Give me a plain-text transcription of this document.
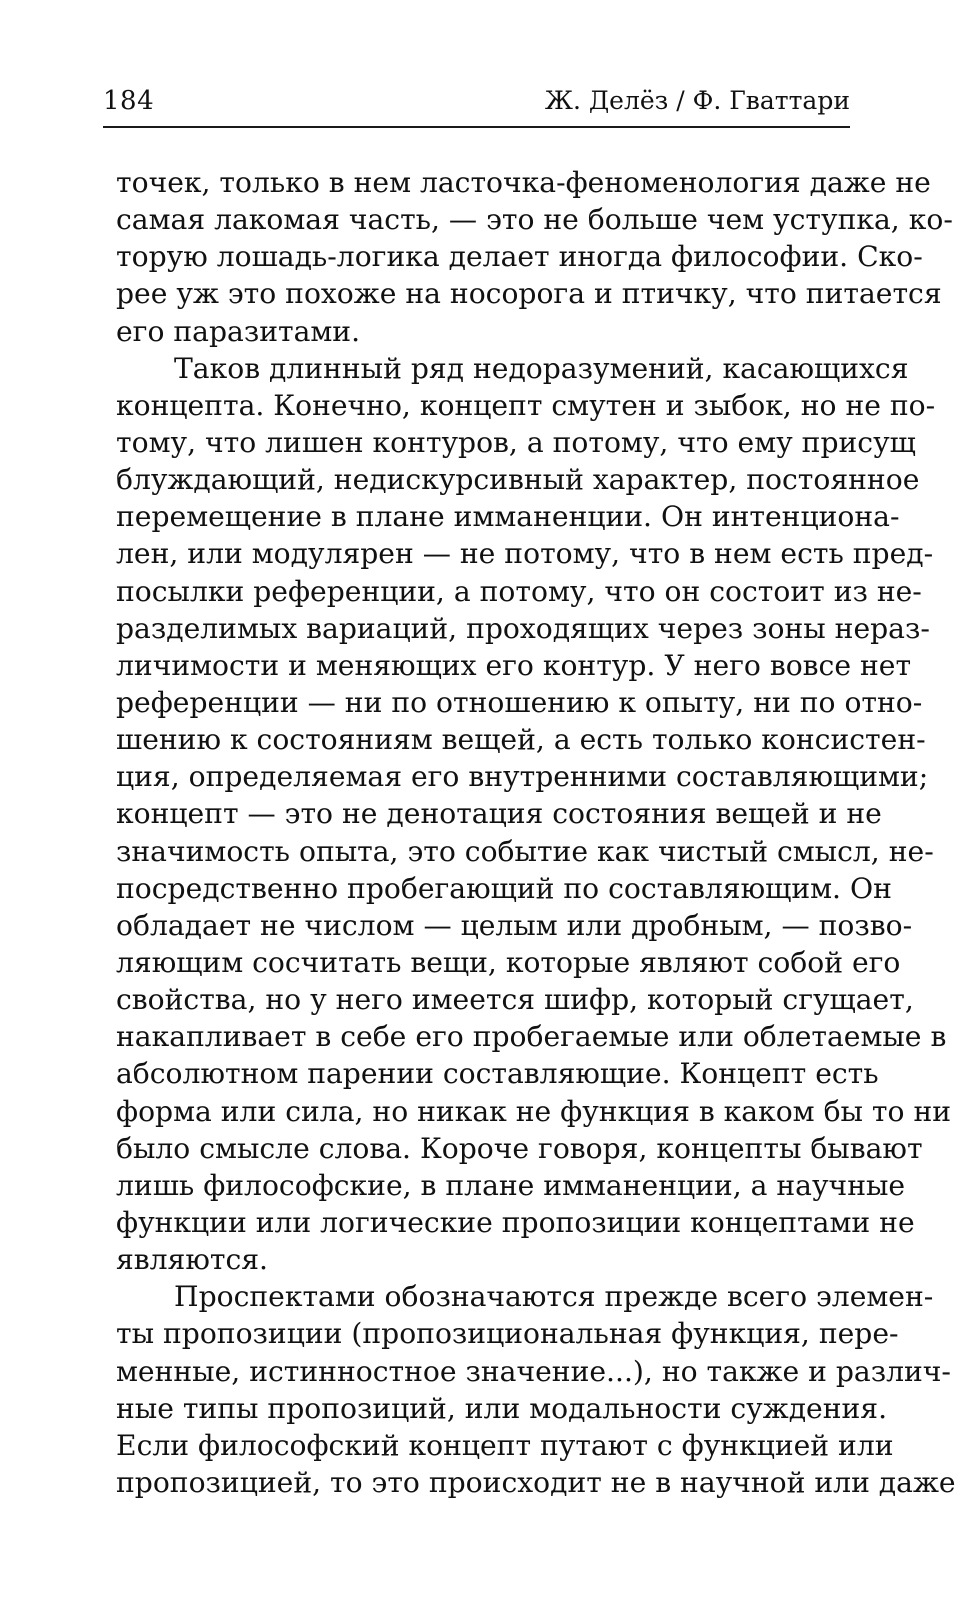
184	Ж. Делёз / Ф. Гваттари
точек, только в нем ласточка-феноменология даже не
самая лакомая часть, — это не больше чем уступка, ко-
торую лошадь-логика делает иногда философии. Ско-
рее уж это похоже на носорога и птичку, что питается
его паразитами.
Таков длинный ряд недоразумений, касающихся
концепта. Конечно, концепт смутен и зыбок, но не по-
тому, что лишен контуров, а потому, что ему присущ
блуждающий, недискурсивный характер, постоянное
перемещение в плане имманенции. Он интенциона-
лен, или модулярен — не потому, что в нем есть пред-
посылки референции, а потому, что он состоит из не-
разделимых вариаций, проходящих через зоны нераз-
личимости и меняющих его контур. У него вовсе нет
референции — ни по отношению к опыту, ни по отно-
шению к состояниям вещей, а есть только консистен-
ция, определяемая его внутренними составляющими;
концепт — это не денотация состояния вещей и не
значимость опыта, это событие как чистый смысл, не-
посредственно пробегающий по составляющим. Он
обладает не числом — целым или дробным, — позво-
ляющим сосчитать вещи, которые являют собой его
свойства, но у него имеется шифр, который сгущает,
накапливает в себе его пробегаемые или облетаемые в
абсолютном парении составляющие. Концепт есть
форма или сила, но никак не функция в каком бы то ни
было смысле слова. Короче говоря, концепты бывают
лишь философские, в плане имманенции, а научные
функции или логические пропозиции концептами не
являются.
Проспектами обозначаются прежде всего элемен-
ты пропозиции (пропозициональная функция, пере-
менные, истинностное значение...), но также и различ-
ные типы пропозиций, или модальности суждения.
Если философский концепт путают с функцией или
пропозицией, то это происходит не в научной или даже
